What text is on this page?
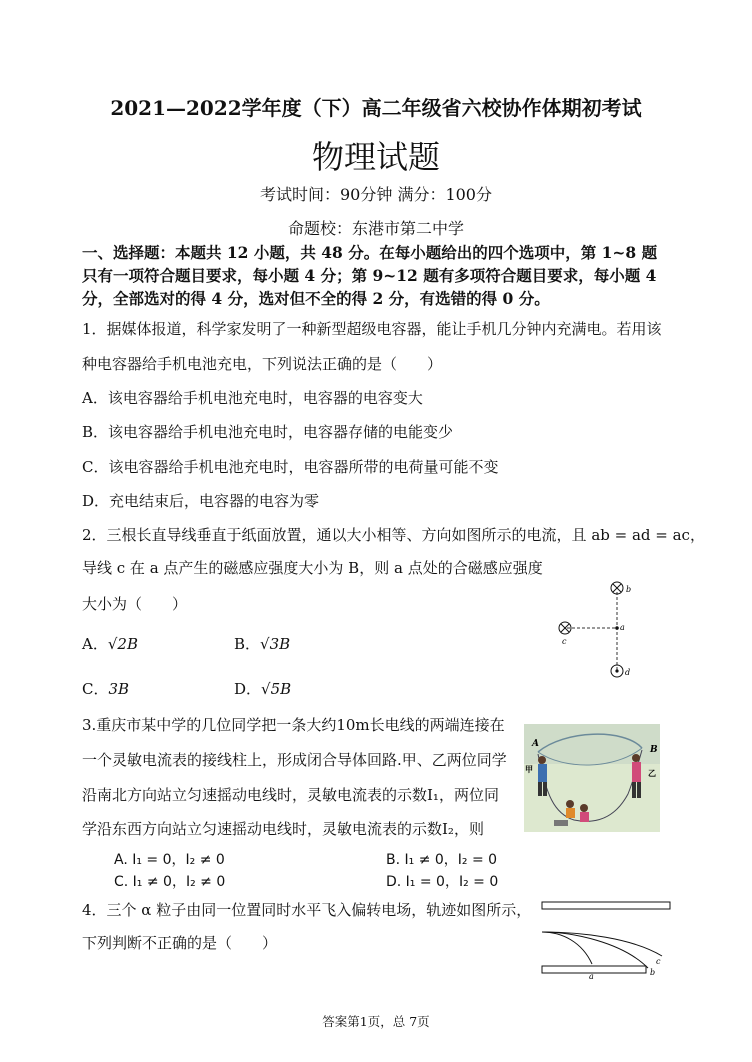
2021—2022学年度（下）高二年级省六校协作体期初考试
物理试题
考试时间：90分钟 满分：100分
命题校：东港市第二中学
一、选择题：本题共 12 小题，共 48 分。在每小题给出的四个选项中，第 1~8 题只有一项符合题目要求，每小题 4 分；第 9~12 题有多项符合题目要求，每小题 4 分，全部选对的得 4 分，选对但不全的得 2 分，有选错的得 0 分。
1．据媒体报道，科学家发明了一种新型超级电容器，能让手机几分钟内充满电。若用该
种电容器给手机电池充电，下列说法正确的是（　　）
A．该电容器给手机电池充电时，电容器的电容变大
B．该电容器给手机电池充电时，电容器存储的电能变少
C．该电容器给手机电池充电时，电容器所带的电荷量可能不变
D．充电结束后，电容器的电容为零
2．三根长直导线垂直于纸面放置，通以大小相等、方向如图所示的电流，且 ab = ad = ac，
导线 c 在 a 点产生的磁感应强度大小为 B，则 a 点处的合磁感应强度
大小为（　　）
A．√2B	B．√3B
C．3B	D．√5B
b
a
c
d
3.重庆市某中学的几位同学把一条大约10m长电线的两端连接在
一个灵敏电流表的接线柱上，形成闭合导体回路.甲、乙两位同学
沿南北方向站立匀速摇动电线时，灵敏电流表的示数I₁，两位同
学沿东西方向站立匀速摇动电线时，灵敏电流表的示数I₂，则
A. I₁ = 0，I₂ ≠ 0	B. I₁ ≠ 0，I₂ = 0
C. I₁ ≠ 0，I₂ ≠ 0	D. I₁ = 0，I₂ = 0
A
B
甲	乙
4．三个 α 粒子由同一位置同时水平飞入偏转电场，轨迹如图所示，
下列判断不正确的是（　　）
a	b
c
答案第1页，总 7页
